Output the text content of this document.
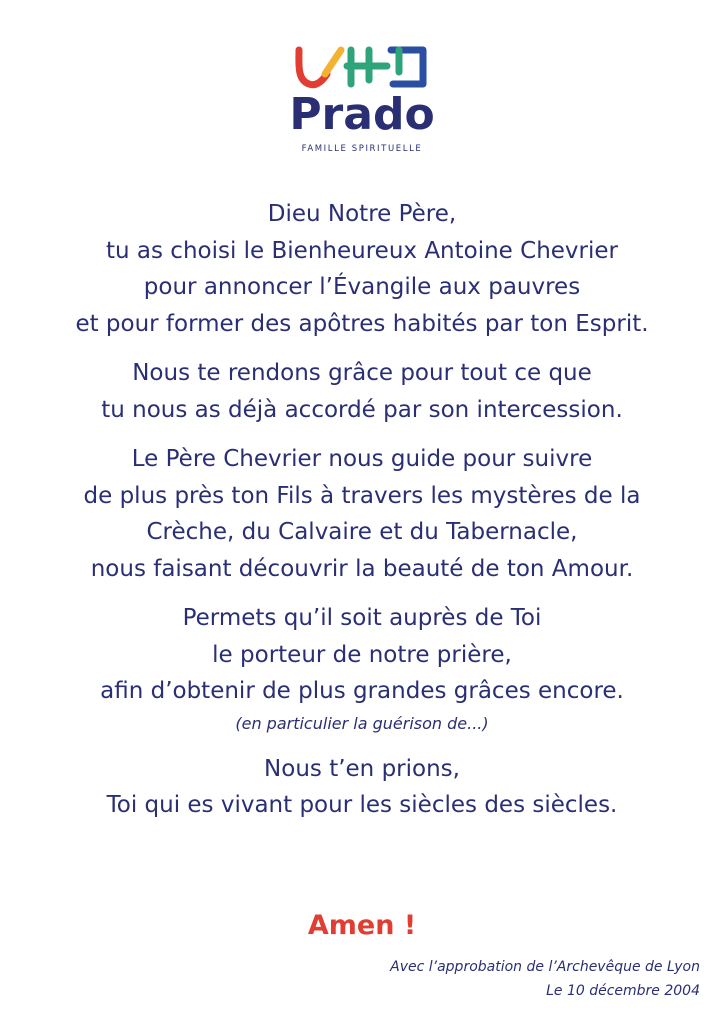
Prado
FAMILLE SPIRITUELLE
Dieu Notre Père,
tu as choisi le Bienheureux Antoine Chevrier
pour annoncer l’Évangile aux pauvres
et pour former des apôtres habités par ton Esprit.
Nous te rendons grâce pour tout ce que
tu nous as déjà accordé par son intercession.
Le Père Chevrier nous guide pour suivre
de plus près ton Fils à travers les mystères de la
Crèche, du Calvaire et du Tabernacle,
nous faisant découvrir la beauté de ton Amour.
Permets qu’il soit auprès de Toi
le porteur de notre prière,
afin d’obtenir de plus grandes grâces encore.
(en particulier la guérison de...)
Nous t’en prions,
Toi qui es vivant pour les siècles des siècles.
Amen !
Avec l’approbation de l’Archevêque de Lyon
Le 10 décembre 2004
